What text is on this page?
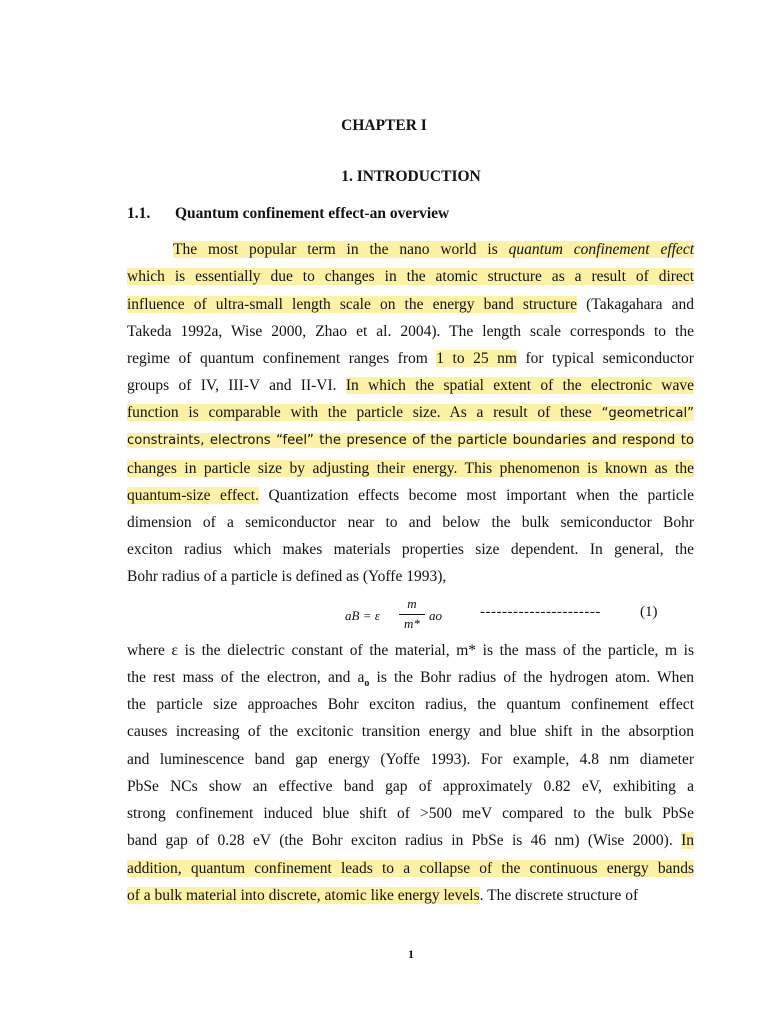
CHAPTER I
1. INTRODUCTION
1.1. Quantum confinement effect-an overview
The most popular term in the nano world is quantum confinement effect
which is essentially due to changes in the atomic structure as a result of direct
influence of ultra-small length scale on the energy band structure (Takagahara and
Takeda 1992a, Wise 2000, Zhao et al. 2004). The length scale corresponds to the
regime of quantum confinement ranges from 1 to 25 nm for typical semiconductor
groups of IV, III-V and II-VI. In which the spatial extent of the electronic wave
function is comparable with the particle size. As a result of these “geometrical”
constraints, electrons “feel” the presence of the particle boundaries and respond to
changes in particle size by adjusting their energy. This phenomenon is known as the
quantum-size effect. Quantization effects become most important when the particle
dimension of a semiconductor near to and below the bulk semiconductor Bohr
exciton radius which makes materials properties size dependent. In general, the
Bohr radius of a particle is defined as (Yoffe 1993),
aB = ε
m
m*
ao	----------------------	(1)
where ε is the dielectric constant of the material, m* is the mass of the particle, m is
the rest mass of the electron, and $a_o$ is the Bohr radius of the hydrogen atom. When
the particle size approaches Bohr exciton radius, the quantum confinement effect
causes increasing of the excitonic transition energy and blue shift in the absorption
and luminescence band gap energy (Yoffe 1993). For example, 4.8 nm diameter
PbSe NCs show an effective band gap of approximately 0.82 eV, exhibiting a
strong confinement induced blue shift of >500 meV compared to the bulk PbSe
band gap of 0.28 eV (the Bohr exciton radius in PbSe is 46 nm) (Wise 2000). In
addition, quantum confinement leads to a collapse of the continuous energy bands
of a bulk material into discrete, atomic like energy levels. The discrete structure of
1
